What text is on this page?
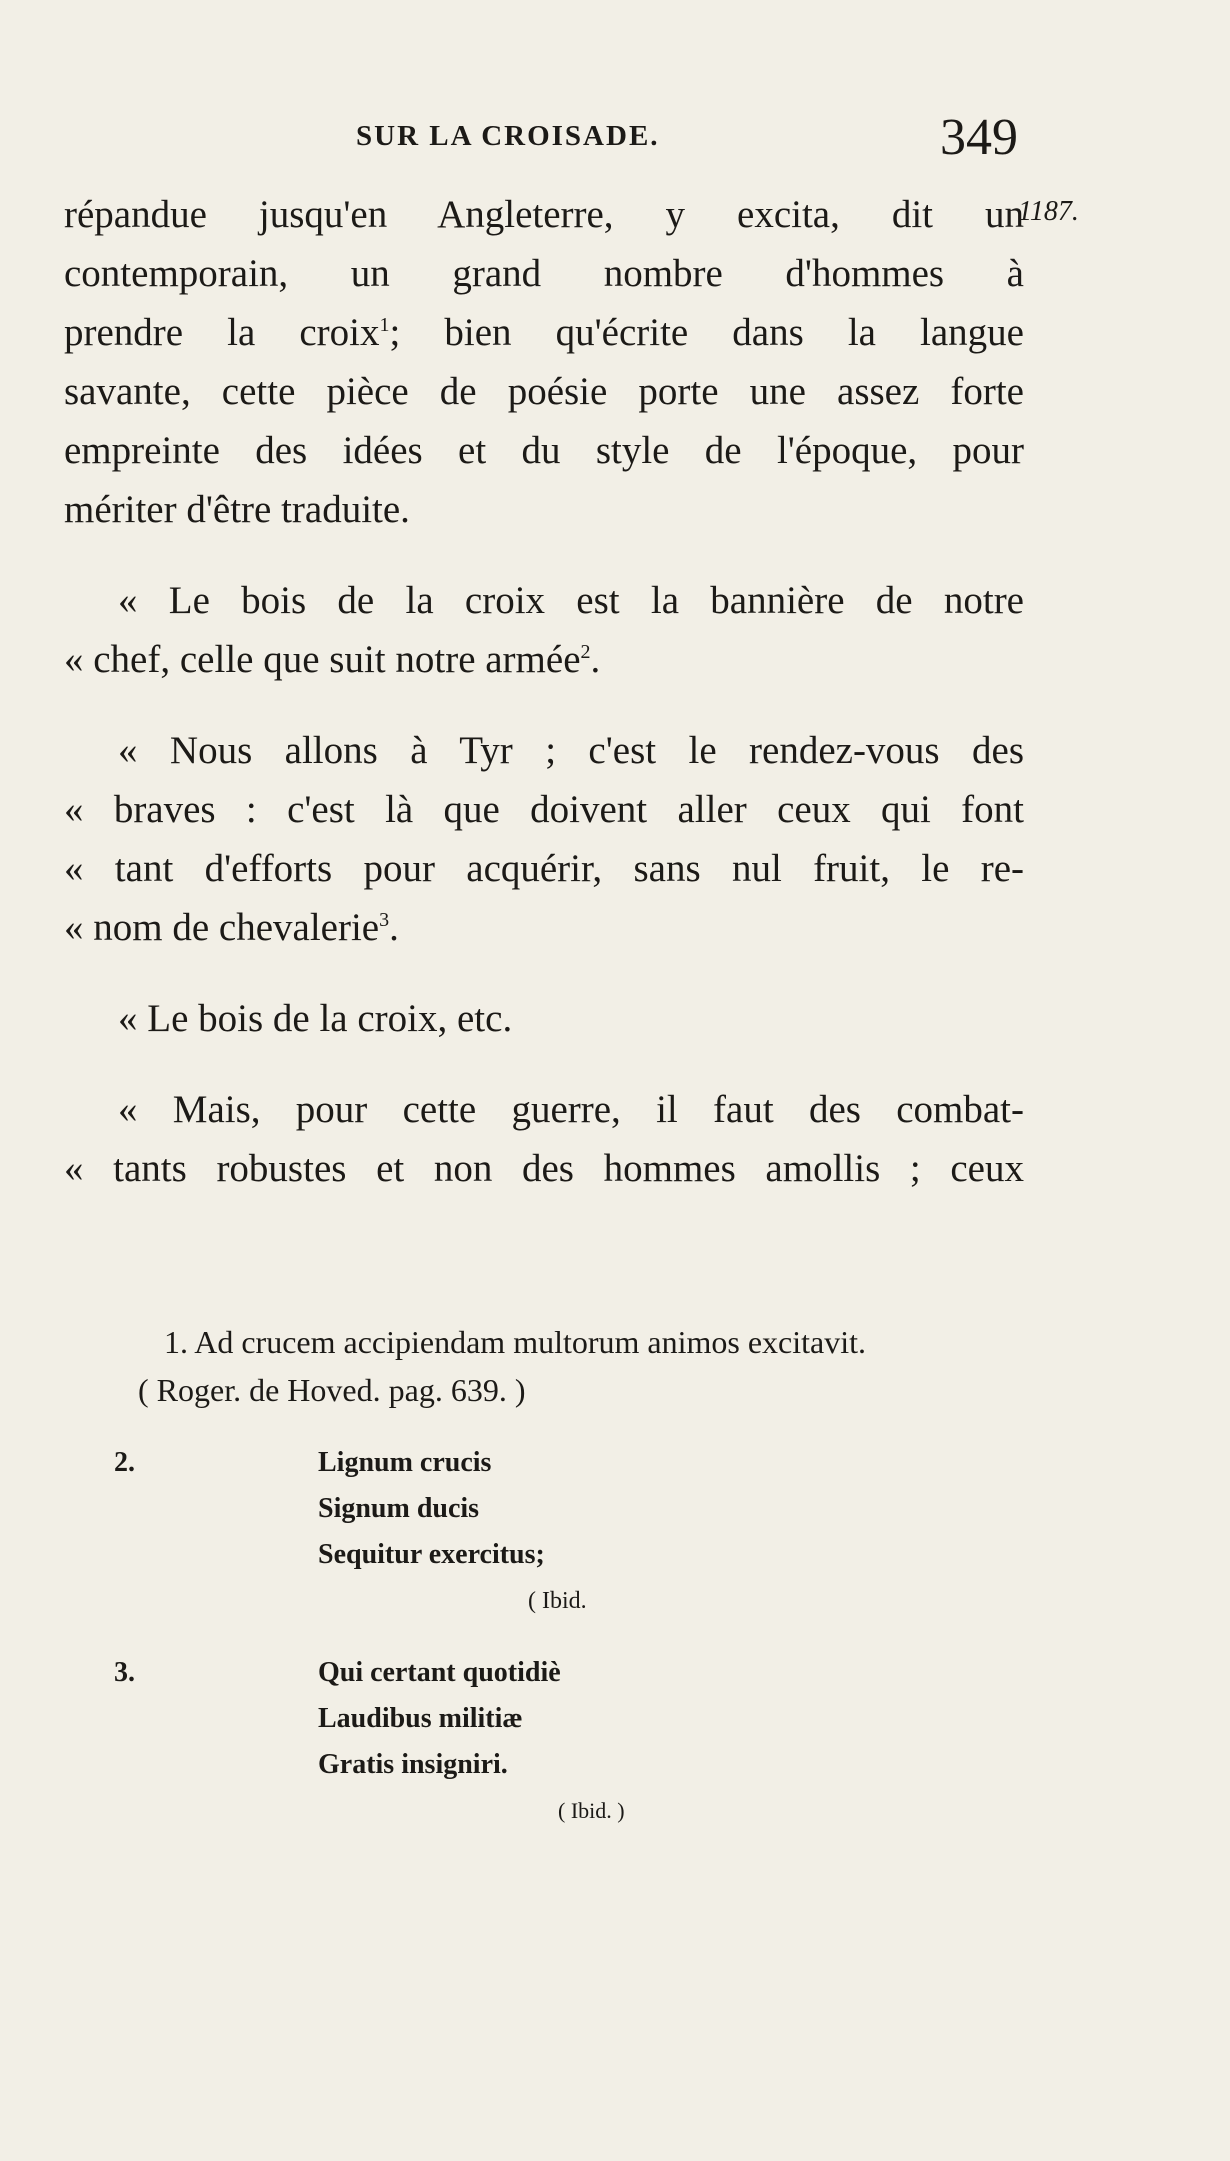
SUR LA CROISADE.	349
1187.

répandue jusqu'en Angleterre, y excita, dit un
contemporain, un grand nombre d'hommes à
prendre la croix$^1$; bien qu'écrite dans la langue
savante, cette pièce de poésie porte une assez forte
empreinte des idées et du style de l'époque, pour
mériter d'être traduite.

« Le bois de la croix est la bannière de notre
« chef, celle que suit notre armée$^2$.

« Nous allons à Tyr ; c'est le rendez-vous des
« braves : c'est là que doivent aller ceux qui font
« tant d'efforts pour acquérir, sans nul fruit, le re-
« nom de chevalerie$^3$.

« Le bois de la croix, etc.

« Mais, pour cette guerre, il faut des combat-
« tants robustes et non des hommes amollis ; ceux

1. Ad crucem accipiendam multorum animos excitavit.
( Roger. de Hoved. pag. 639. )
2.	Lignum crucis
Signum ducis
Sequitur exercitus;
( Ibid.
3.	Qui certant quotidiè
Laudibus militiæ
Gratis insigniri.
( Ibid. )
